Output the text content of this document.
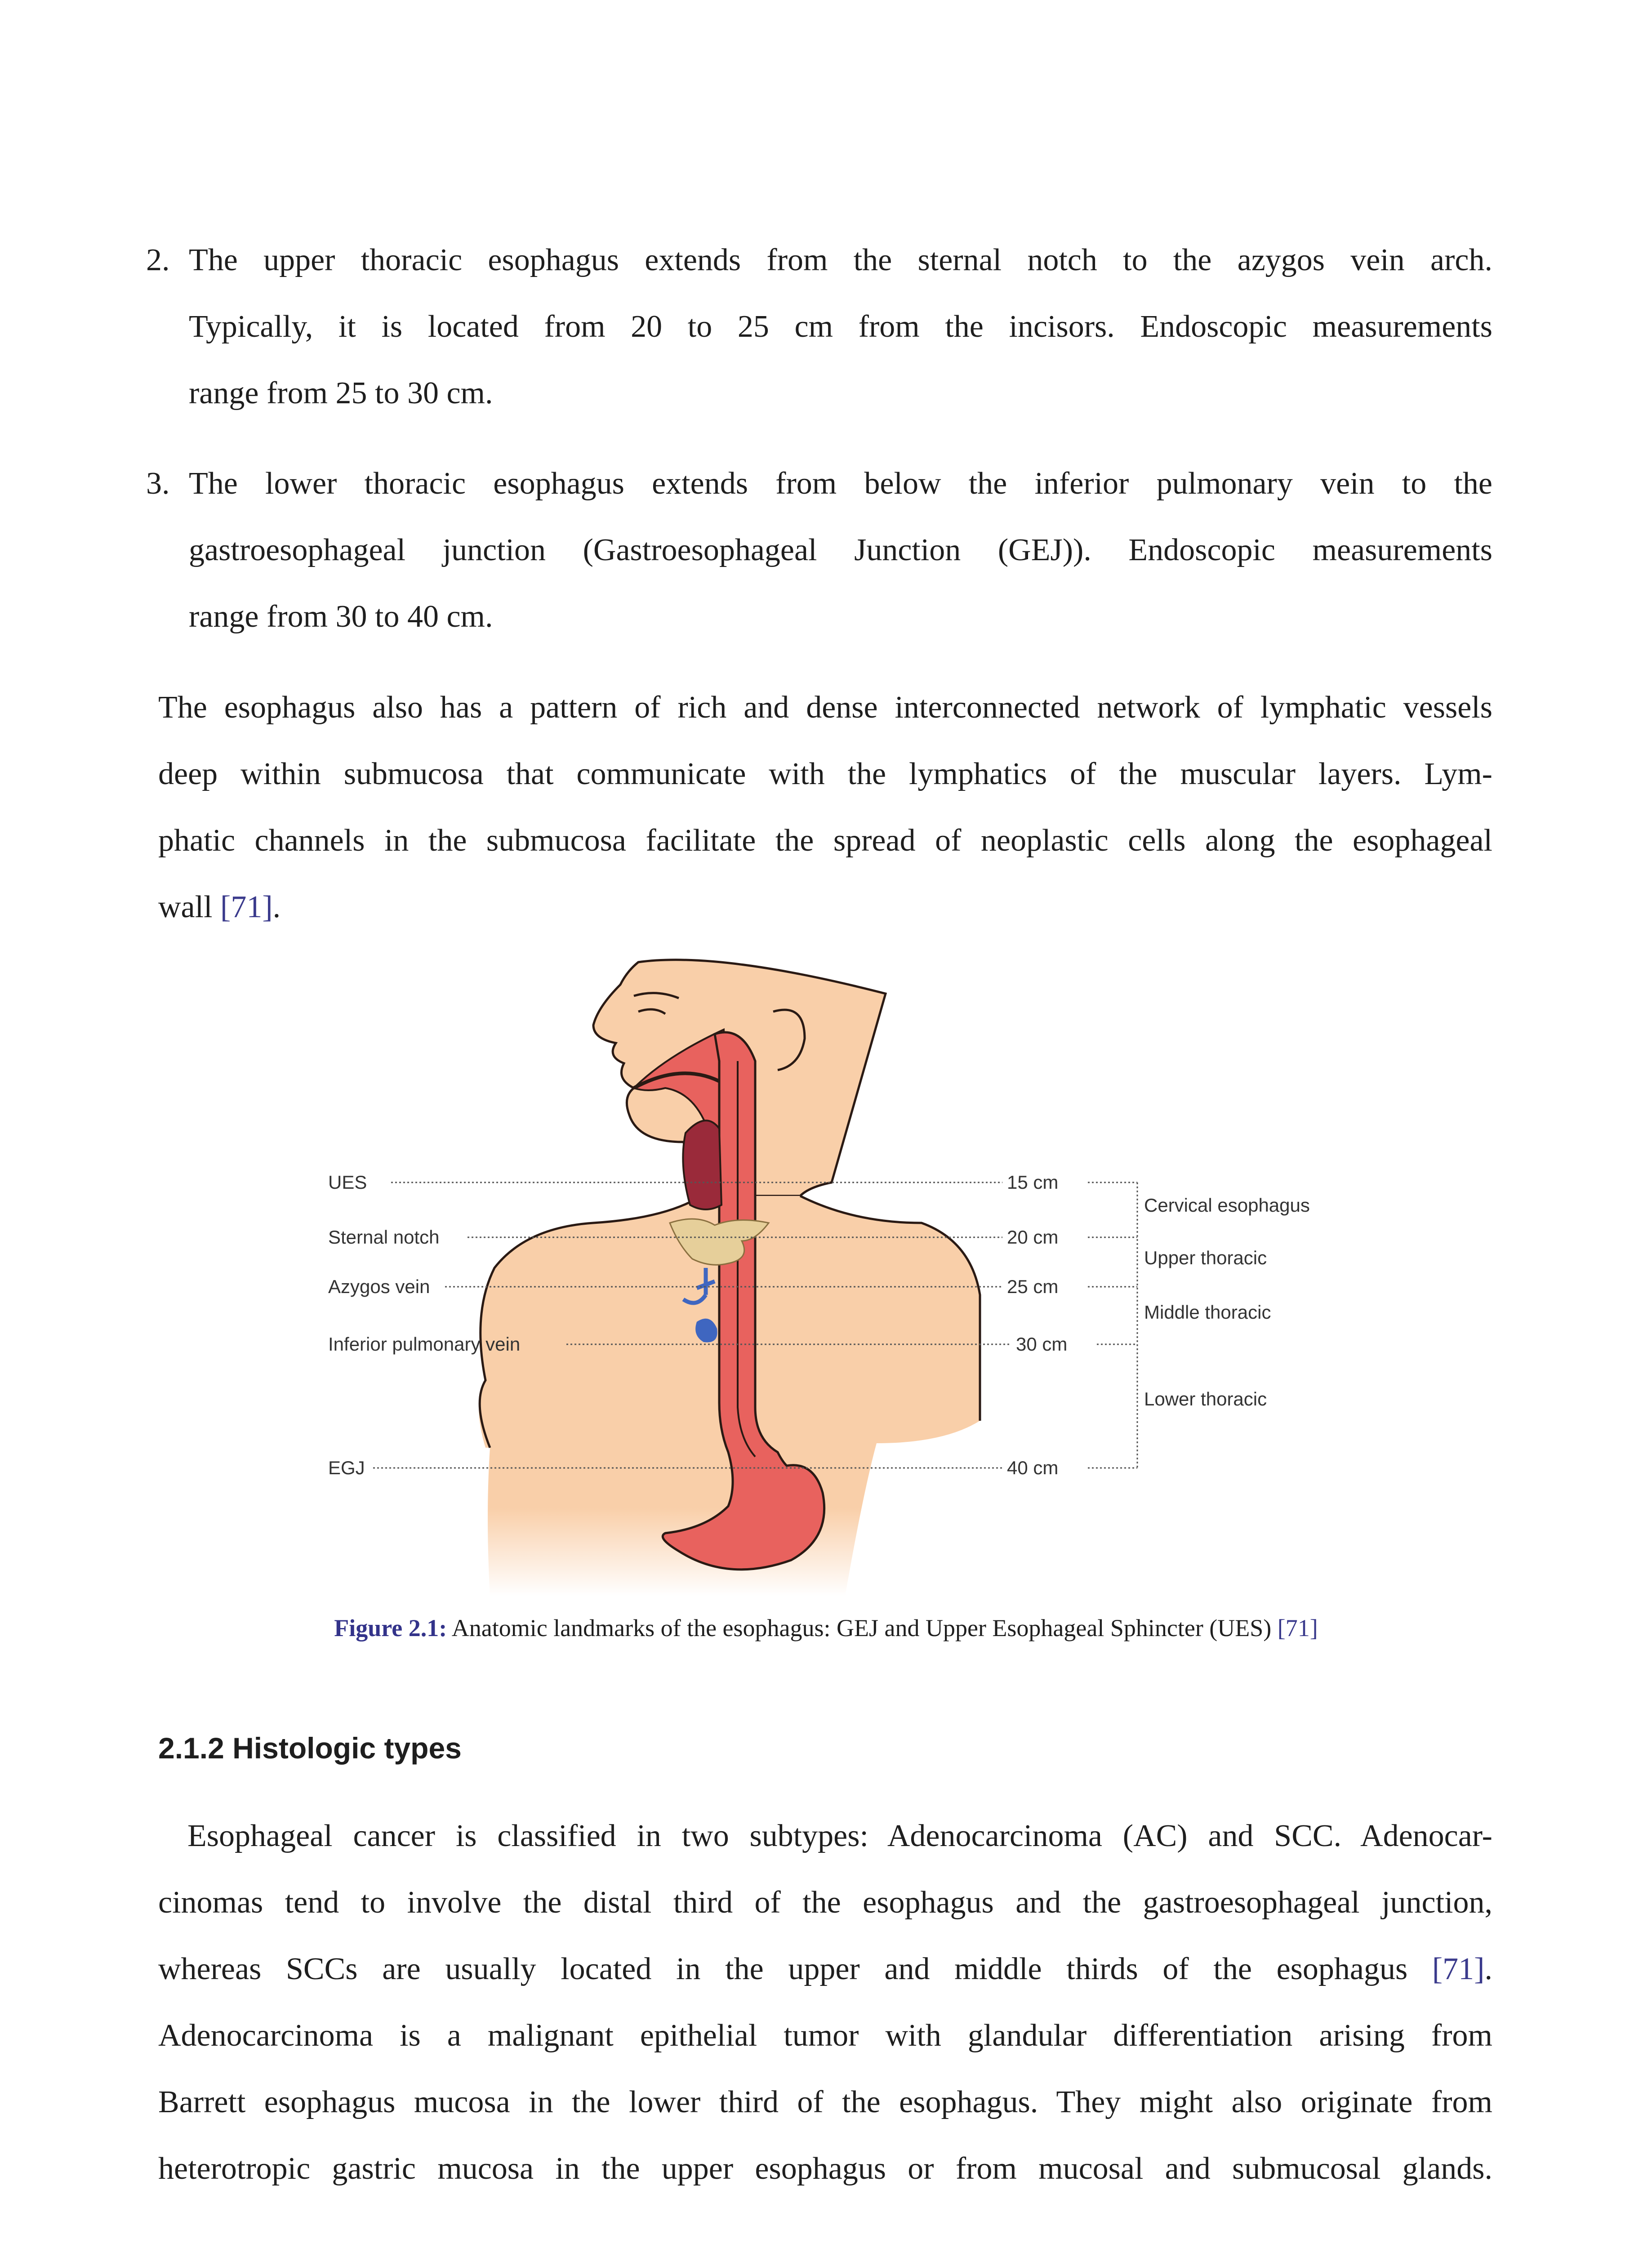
2. The upper thoracic esophagus extends from the sternal notch to the azygos vein arch.
Typically, it is located from 20 to 25 cm from the incisors. Endoscopic measurements
range from 25 to 30 cm.
3. The lower thoracic esophagus extends from below the inferior pulmonary vein to the
gastroesophageal junction (Gastroesophageal Junction (GEJ)). Endoscopic measurements
range from 30 to 40 cm.
The esophagus also has a pattern of rich and dense interconnected network of lymphatic vessels
deep within submucosa that communicate with the lymphatics of the muscular layers. Lym-
phatic channels in the submucosa facilitate the spread of neoplastic cells along the esophageal
wall [71].
UES
Sternal notch
Azygos vein
Inferior pulmonary vein
EGJ
15 cm
20 cm
25 cm
30 cm
40 cm
Cervical esophagus
Upper thoracic
Middle thoracic
Lower thoracic
Figure 2.1: Anatomic landmarks of the esophagus: GEJ and Upper Esophageal Sphincter (UES) [71]
2.1.2 Histologic types
Esophageal cancer is classified in two subtypes: Adenocarcinoma (AC) and SCC. Adenocar-
cinomas tend to involve the distal third of the esophagus and the gastroesophageal junction,
whereas SCCs are usually located in the upper and middle thirds of the esophagus [71].
Adenocarcinoma is a malignant epithelial tumor with glandular differentiation arising from
Barrett esophagus mucosa in the lower third of the esophagus. They might also originate from
heterotropic gastric mucosa in the upper esophagus or from mucosal and submucosal glands.
